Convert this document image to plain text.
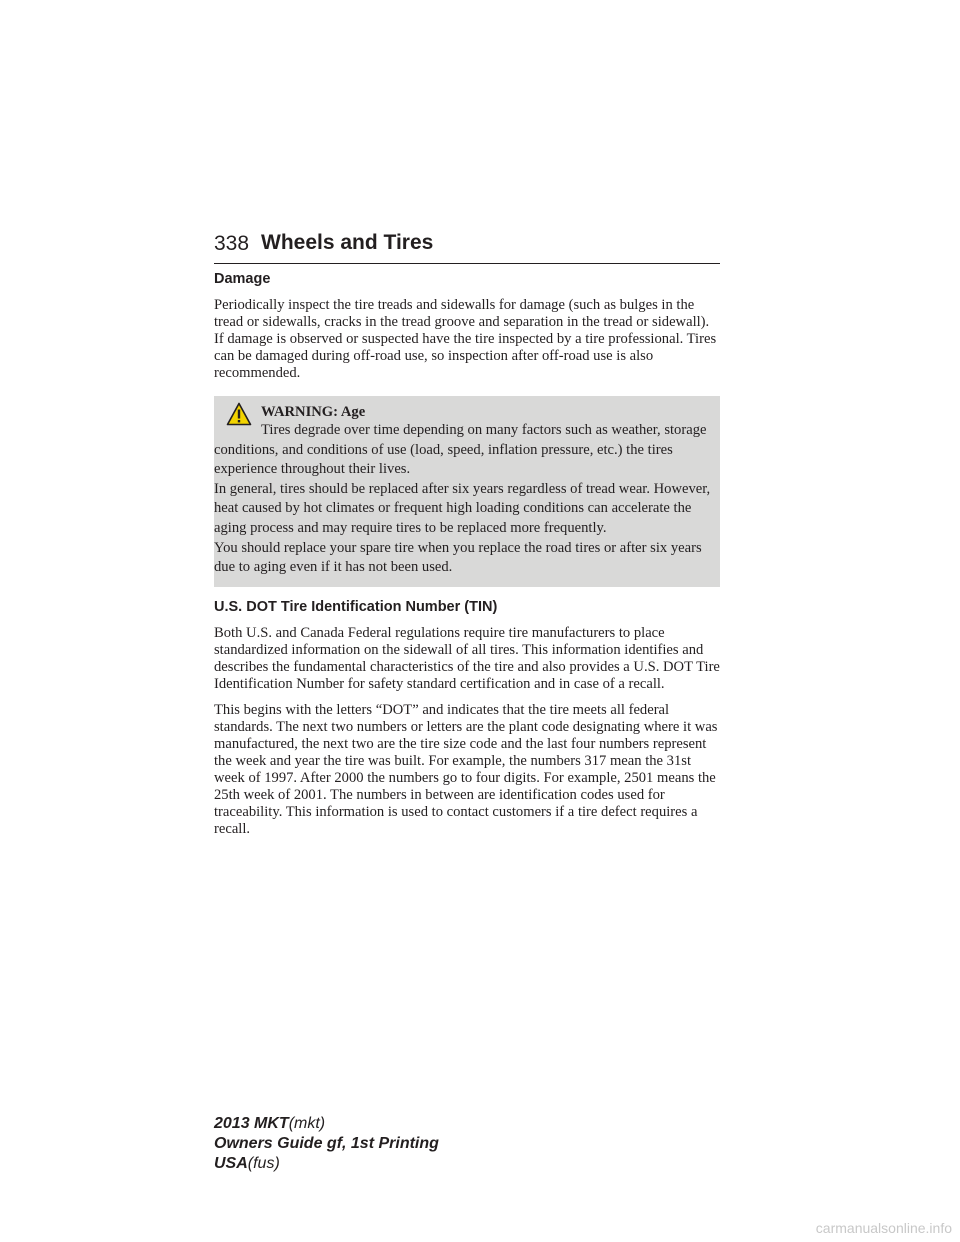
338 Wheels and Tires
Damage

Periodically inspect the tire treads and sidewalls for damage (such as bulges in the tread or sidewalls, cracks in the tread groove and separation in the tread or sidewall). If damage is observed or suspected have the tire inspected by a tire professional. Tires can be damaged during off-road use, so inspection after off-road use is also recommended.

WARNING: Age

Tires degrade over time depending on many factors such as weather, storage conditions, and conditions of use (load, speed, inflation pressure, etc.) the tires experience throughout their lives.

In general, tires should be replaced after six years regardless of tread wear. However, heat caused by hot climates or frequent high loading conditions can accelerate the aging process and may require tires to be replaced more frequently.

You should replace your spare tire when you replace the road tires or after six years due to aging even if it has not been used.

U.S. DOT Tire Identification Number (TIN)

Both U.S. and Canada Federal regulations require tire manufacturers to place standardized information on the sidewall of all tires. This information identifies and describes the fundamental characteristics of the tire and also provides a U.S. DOT Tire Identification Number for safety standard certification and in case of a recall.

This begins with the letters “DOT” and indicates that the tire meets all federal standards. The next two numbers or letters are the plant code designating where it was manufactured, the next two are the tire size code and the last four numbers represent the week and year the tire was built. For example, the numbers 317 mean the 31st week of 1997. After 2000 the numbers go to four digits. For example, 2501 means the 25th week of 2001. The numbers in between are identification codes used for traceability. This information is used to contact customers if a tire defect requires a recall.

2013 MKT(mkt)
Owners Guide gf, 1st Printing
USA(fus)
carmanualsonline.info
